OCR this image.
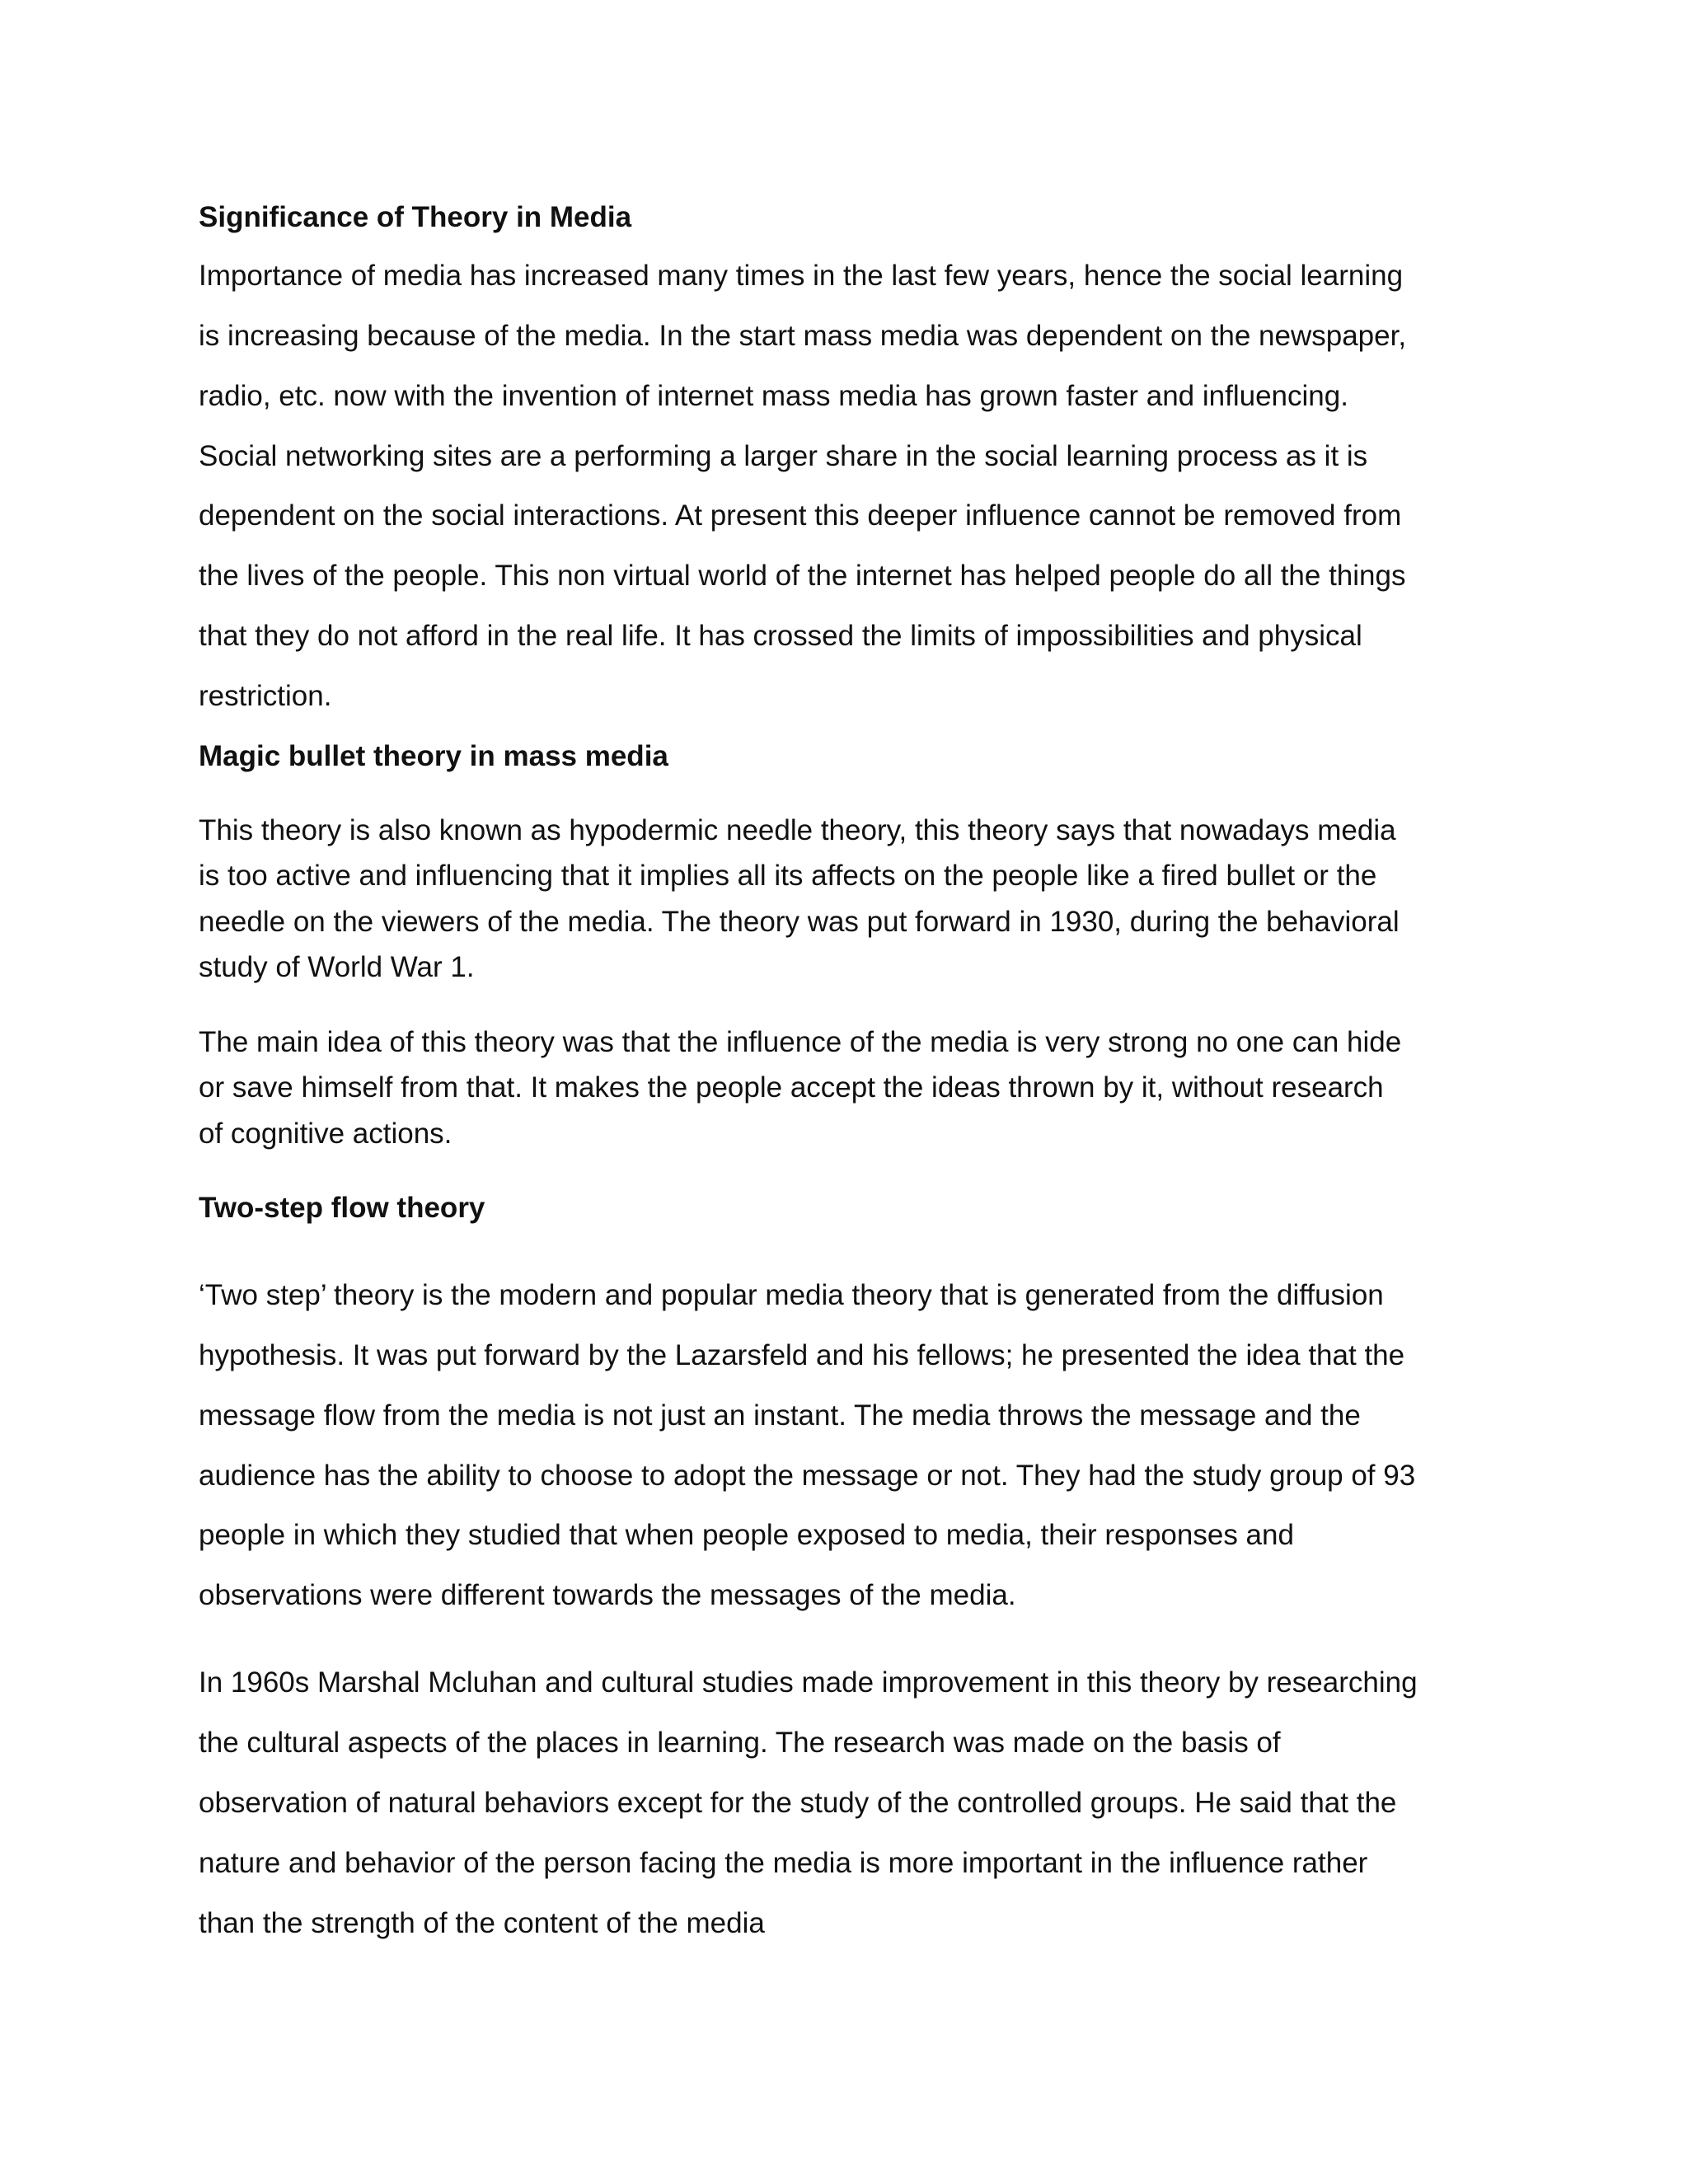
Significance of Theory in Media
Importance of media has increased many times in the last few years, hence the social learning
is increasing because of the media. In the start mass media was dependent on the newspaper,
radio, etc. now with the invention of internet mass media has grown faster and influencing.
Social networking sites are a performing a larger share in the social learning process as it is
dependent on the social interactions. At present this deeper influence cannot be removed from
the lives of the people. This non virtual world of the internet has helped people do all the things
that they do not afford in the real life. It has crossed the limits of impossibilities and physical
restriction.
Magic bullet theory in mass media
This theory is also known as hypodermic needle theory, this theory says that nowadays media
is too active and influencing that it implies all its affects on the people like a fired bullet or the
needle on the viewers of the media. The theory was put forward in 1930, during the behavioral
study of World War 1.
The main idea of this theory was that the influence of the media is very strong no one can hide
or save himself from that. It makes the people accept the ideas thrown by it, without research
of cognitive actions.
Two-step flow theory
‘Two step’ theory is the modern and popular media theory that is generated from the diffusion
hypothesis. It was put forward by the Lazarsfeld and his fellows; he presented the idea that the
message flow from the media is not just an instant. The media throws the message and the
audience has the ability to choose to adopt the message or not. They had the study group of 93
people in which they studied that when people exposed to media, their responses and
observations were different towards the messages of the media.
In 1960s Marshal Mcluhan and cultural studies made improvement in this theory by researching
the cultural aspects of the places in learning. The research was made on the basis of
observation of natural behaviors except for the study of the controlled groups. He said that the
nature and behavior of the person facing the media is more important in the influence rather
than the strength of the content of the media
